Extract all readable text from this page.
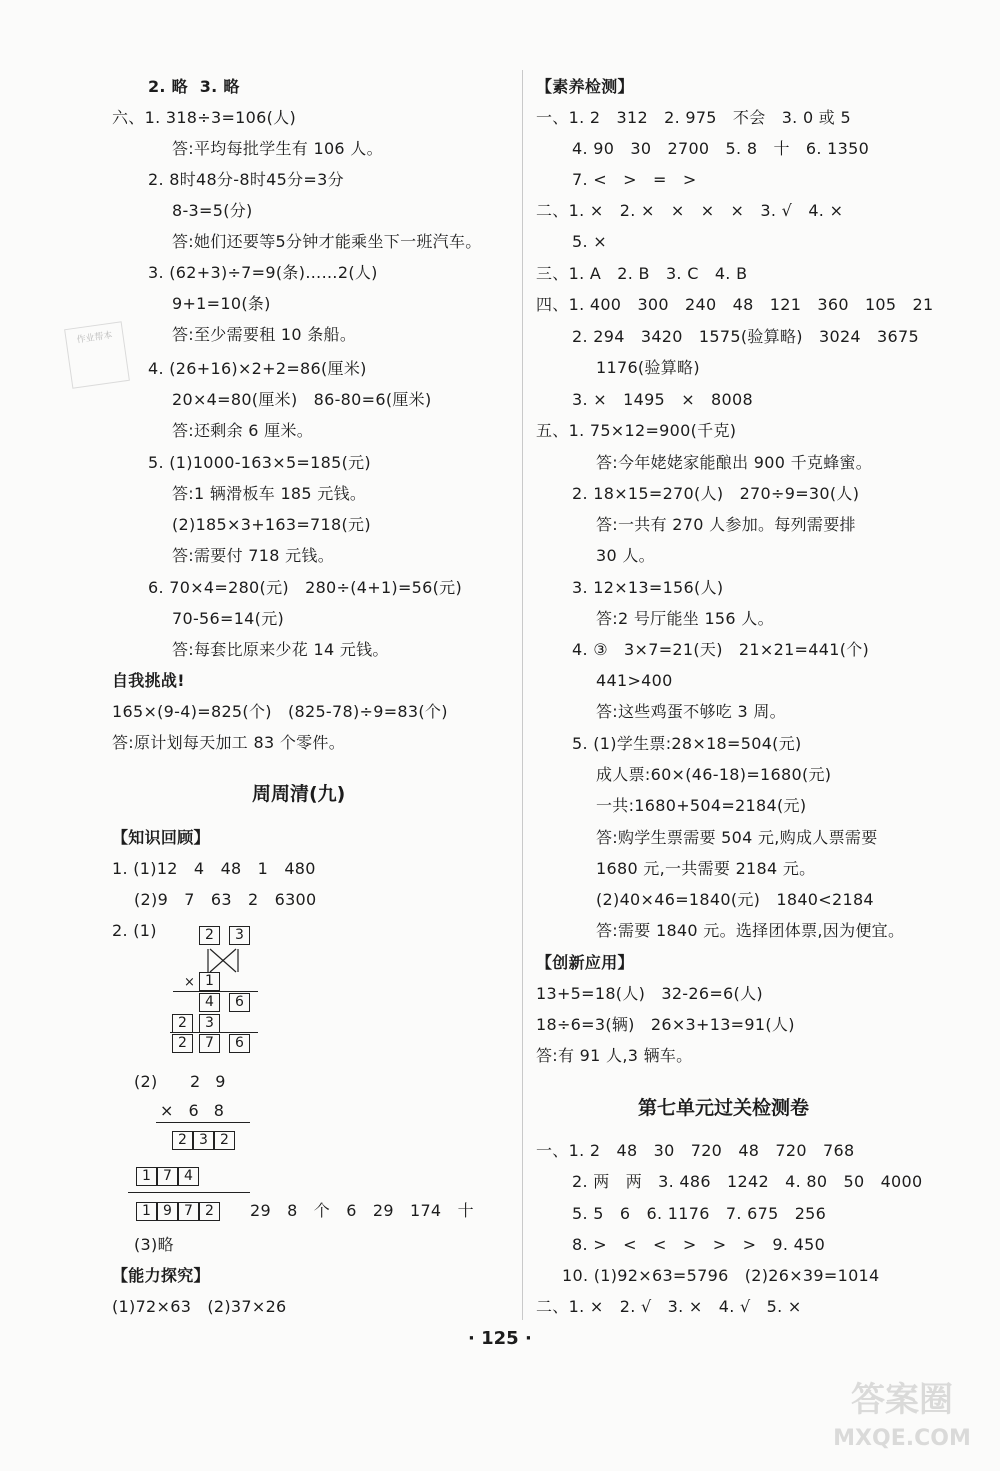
2. 略  3. 略
六、1. 318÷3=106(人)
答:平均每批学生有 106 人。
2. 8时48分-8时45分=3分
8-3=5(分)
答:她们还要等5分钟才能乘坐下一班汽车。
3. (62+3)÷7=9(条)……2(人)
9+1=10(条)
答:至少需要租 10 条船。
4. (26+16)×2+2=86(厘米)
20×4=80(厘米)   86-80=6(厘米)
答:还剩余 6 厘米。
5. (1)1000-163×5=185(元)
答:1 辆滑板车 185 元钱。
(2)185×3+163=718(元)
答:需要付 718 元钱。
6. 70×4=280(元)   280÷(4+1)=56(元)
70-56=14(元)
答:每套比原来少花 14 元钱。
自我挑战!
165×(9-4)=825(个)   (825-78)÷9=83(个)
答:原计划每天加工 83 个零件。
作业帮本
周周清(九)
【知识回顾】
1. (1)12   4   48   1   480
(2)9   7   63   2   6300
2. (1)	2	3
× 1
4	6
2	3
2	7	6
(2) 2 9
× 6 8
2 3 2
1 7 4
1 9 7 2	29   8   个   6   29   174   十
(3)略
【能力探究】
(1)72×63   (2)37×26
【素养检测】
一、1. 2   312   2. 975   不会   3. 0 或 5
4. 90   30   2700   5. 8   十   6. 1350
7. <   >   =   >
二、1. ×   2. ×   ×   ×   ×   3. √   4. ×
5. ×
三、1. A   2. B   3. C   4. B
四、1. 400   300   240   48   121   360   105   21
2. 294   3420   1575(验算略)   3024   3675
1176(验算略)
3. ×   1495   ×   8008
五、1. 75×12=900(千克)
答:今年姥姥家能酿出 900 千克蜂蜜。
2. 18×15=270(人)   270÷9=30(人)
答:一共有 270 人参加。每列需要排
30 人。
3. 12×13=156(人)
答:2 号厅能坐 156 人。
4. ③   3×7=21(天)   21×21=441(个)
441>400
答:这些鸡蛋不够吃 3 周。
5. (1)学生票:28×18=504(元)
成人票:60×(46-18)=1680(元)
一共:1680+504=2184(元)
答:购学生票需要 504 元,购成人票需要
1680 元,一共需要 2184 元。
(2)40×46=1840(元)   1840<2184
答:需要 1840 元。选择团体票,因为便宜。
【创新应用】
13+5=18(人)   32-26=6(人)
18÷6=3(辆)   26×3+13=91(人)
答:有 91 人,3 辆车。
第七单元过关检测卷
一、1. 2   48   30   720   48   720   768
2. 两   两   3. 486   1242   4. 80   50   4000
5. 5   6   6. 1176   7. 675   256
8. >   <   <   >   >   >   9. 450
10. (1)92×63=5796   (2)26×39=1014
二、1. ×   2. √   3. ×   4. √   5. ×
· 125 ·
答案圈
MXQE.COM
